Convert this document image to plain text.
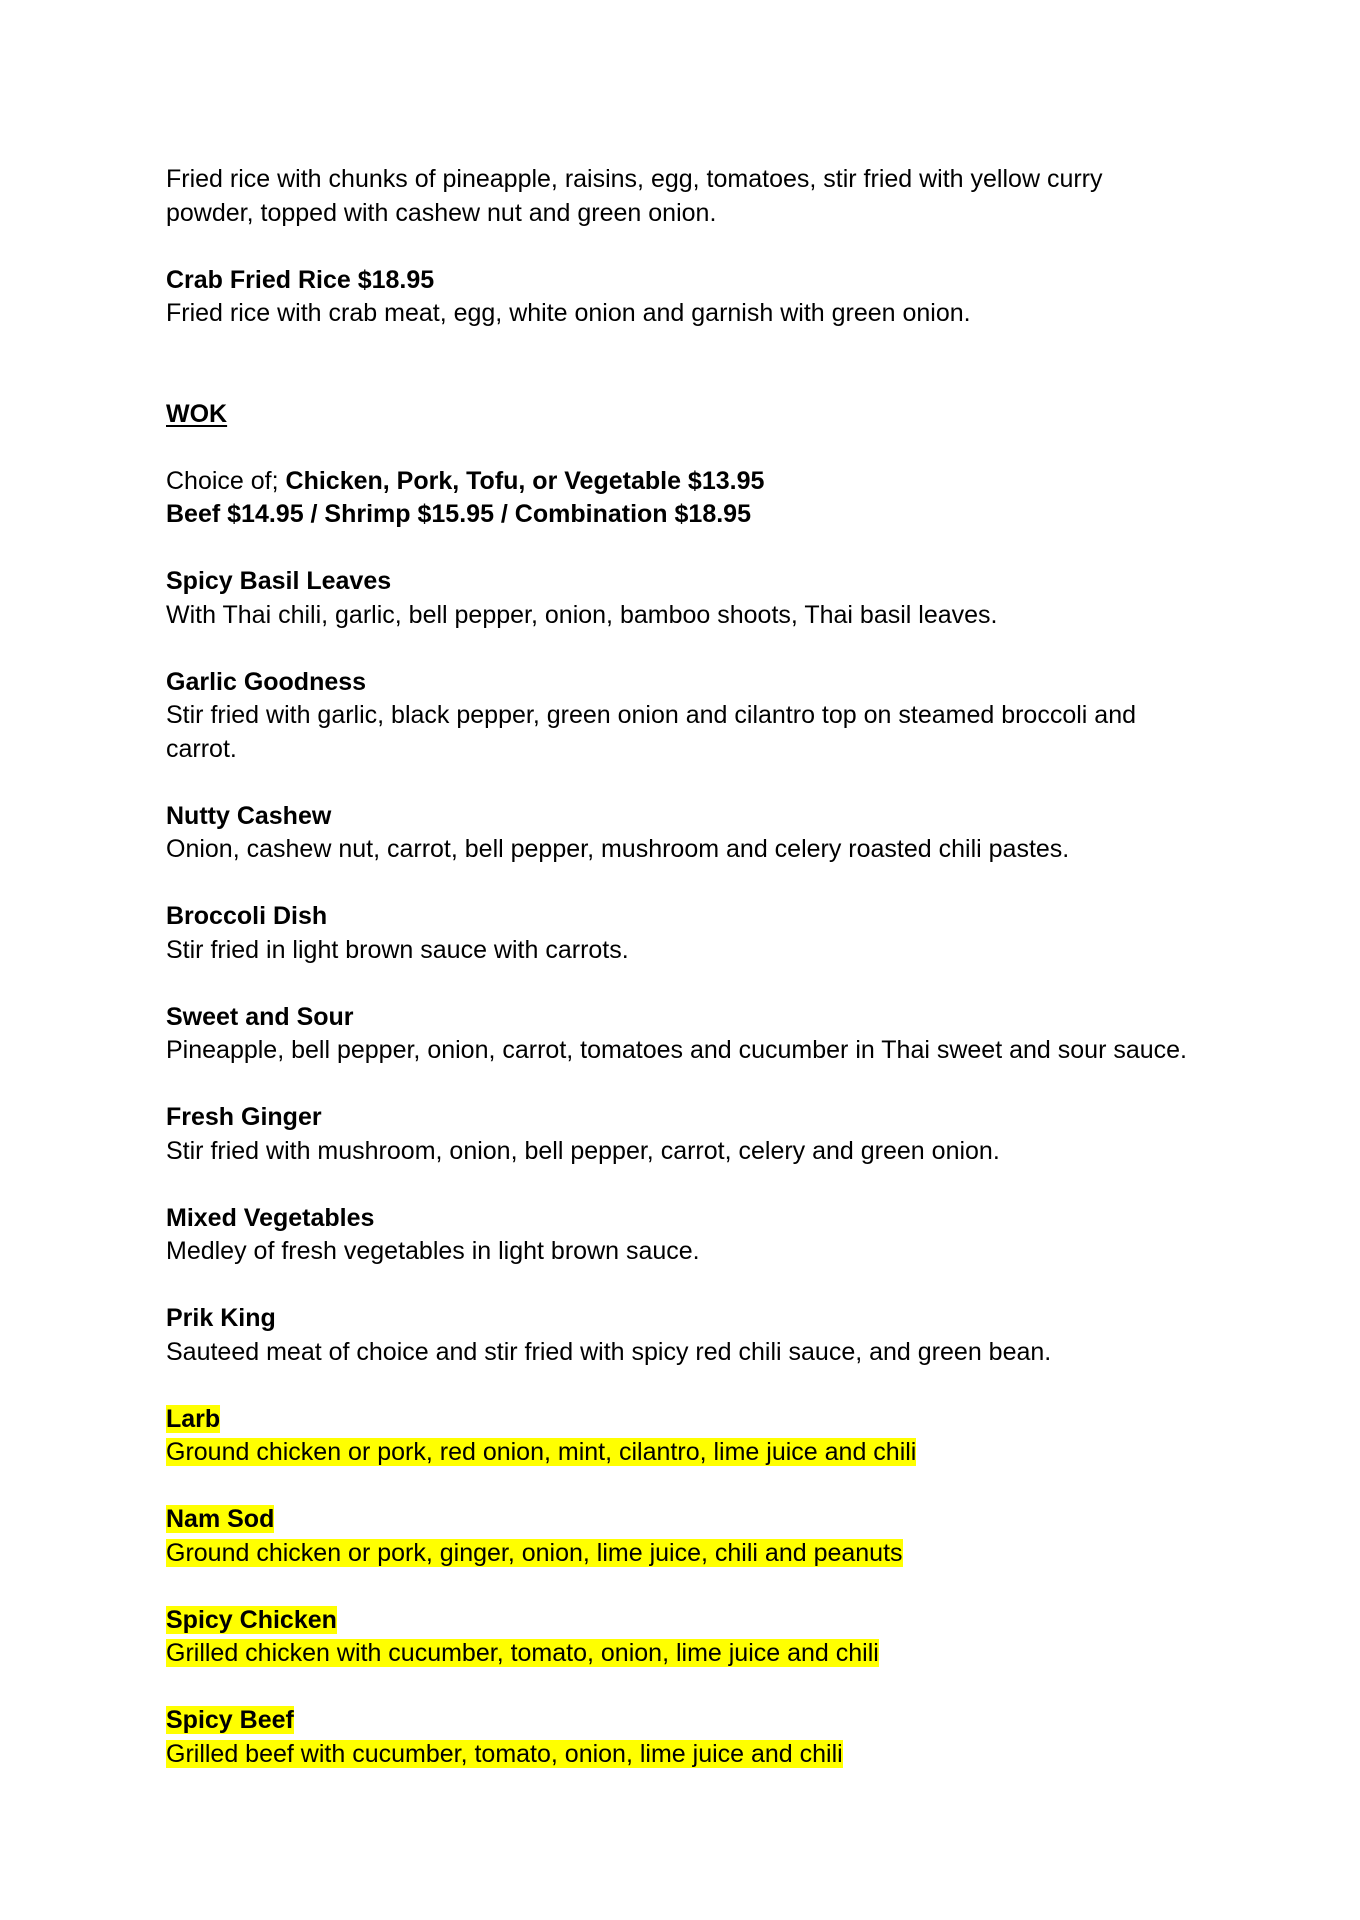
Fried rice with chunks of pineapple, raisins, egg, tomatoes, stir fried with yellow curry

powder, topped with cashew nut and green onion.

Crab Fried Rice $18.95

Fried rice with crab meat, egg, white onion and garnish with green onion.

WOK

Choice of; Chicken, Pork, Tofu, or Vegetable $13.95

Beef $14.95 / Shrimp $15.95 / Combination $18.95

Spicy Basil Leaves

With Thai chili, garlic, bell pepper, onion, bamboo shoots, Thai basil leaves.

Garlic Goodness

Stir fried with garlic, black pepper, green onion and cilantro top on steamed broccoli and

carrot.

Nutty Cashew

Onion, cashew nut, carrot, bell pepper, mushroom and celery roasted chili pastes.

Broccoli Dish

Stir fried in light brown sauce with carrots.

Sweet and Sour

Pineapple, bell pepper, onion, carrot, tomatoes and cucumber in Thai sweet and sour sauce.

Fresh Ginger

Stir fried with mushroom, onion, bell pepper, carrot, celery and green onion.

Mixed Vegetables

Medley of fresh vegetables in light brown sauce.

Prik King

Sauteed meat of choice and stir fried with spicy red chili sauce, and green bean.

Larb

Ground chicken or pork, red onion, mint, cilantro, lime juice and chili

Nam Sod

Ground chicken or pork, ginger, onion, lime juice, chili and peanuts

Spicy Chicken

Grilled chicken with cucumber, tomato, onion, lime juice and chili

Spicy Beef

Grilled beef with cucumber, tomato, onion, lime juice and chili
